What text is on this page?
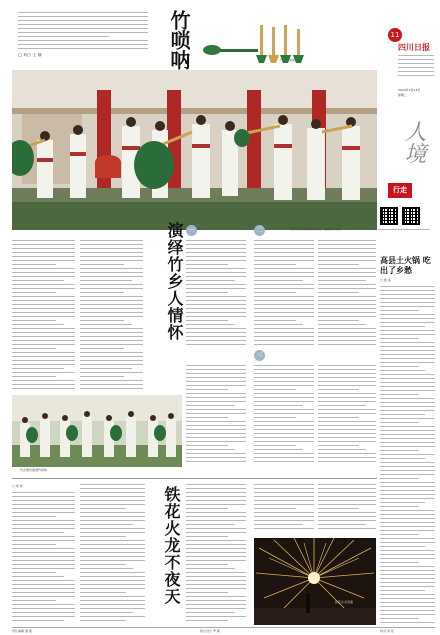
□ 刘占 王 静	竹唢呐	竹唢呐演奏
11
四川日报
2020年3月14日
星期二
人境
行走
竹乡艺人们吹奏竹唢呐，欢迎远方来客
演绎竹乡人情怀 一	二
三
竹乡群众演奏竹唢呐
高县土火锅 吃出了乡愁
□ 雷 泽
□ 刘 洋	铁花火龙不夜天	铁花火龙表演
责任编辑 谢 强	版式设计 罗 敏	校对 李 佳
